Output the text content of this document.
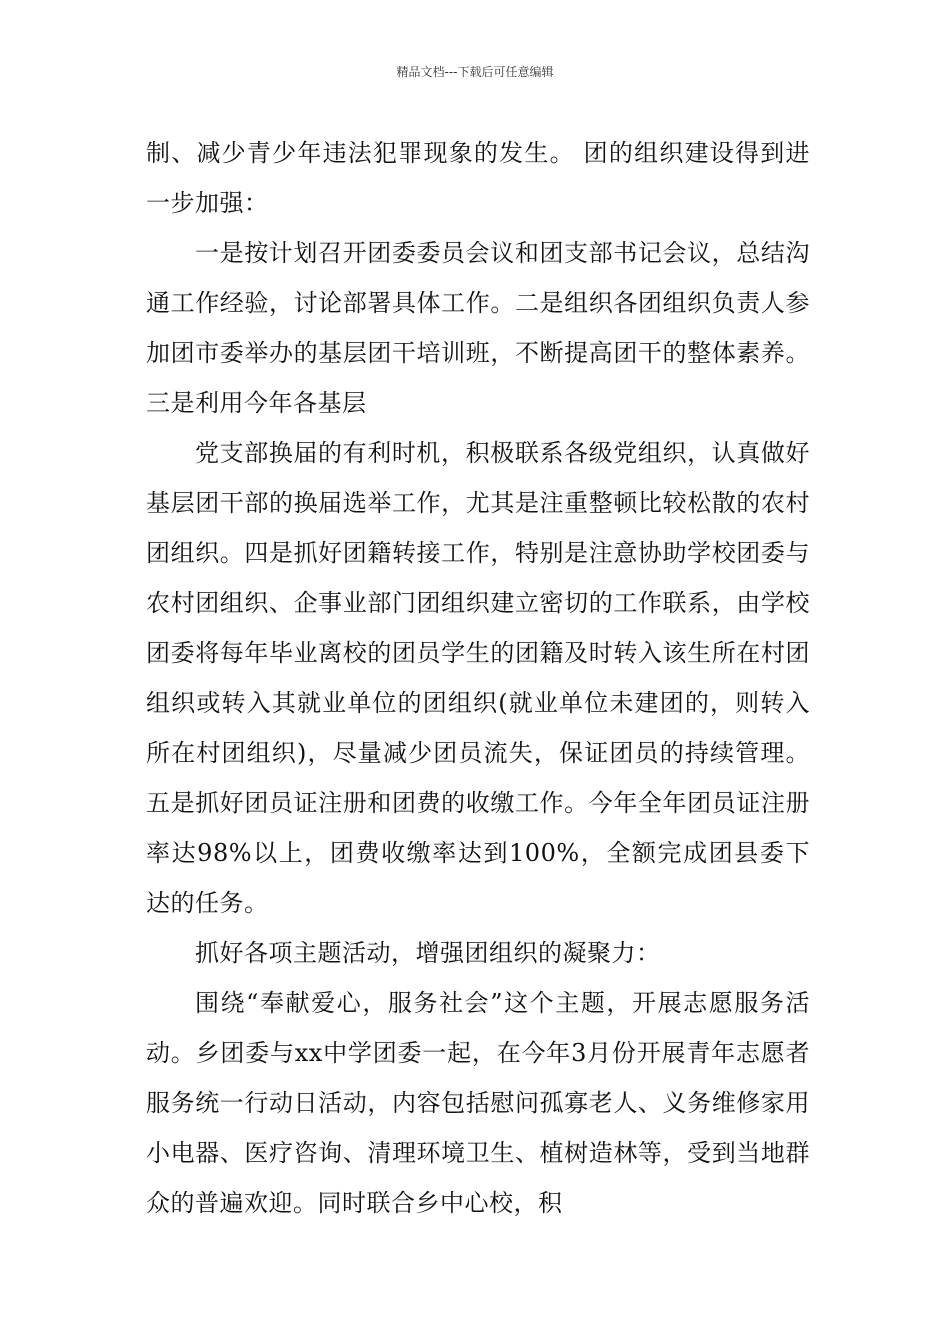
精品文档---下载后可任意编辑

制、减少青少年违法犯罪现象的发生。 团的组织建设得到进一步加强：

一是按计划召开团委委员会议和团支部书记会议，总结沟通工作经验，讨论部署具体工作。二是组织各团组织负责人参加团市委举办的基层团干培训班，不断提高团干的整体素养。三是利用今年各基层

党支部换届的有利时机，积极联系各级党组织，认真做好基层团干部的换届选举工作，尤其是注重整顿比较松散的农村团组织。四是抓好团籍转接工作，特别是注意协助学校团委与农村团组织、企事业部门团组织建立密切的工作联系，由学校团委将每年毕业离校的团员学生的团籍及时转入该生所在村团组织或转入其就业单位的团组织(就业单位未建团的，则转入所在村团组织)，尽量减少团员流失，保证团员的持续管理。五是抓好团员证注册和团费的收缴工作。今年全年团员证注册率达98%以上，团费收缴率达到100%，全额完成团县委下达的任务。

抓好各项主题活动，增强团组织的凝聚力：

围绕“奉献爱心，服务社会”这个主题，开展志愿服务活动。乡团委与xx中学团委一起，在今年3月份开展青年志愿者服务统一行动日活动，内容包括慰问孤寡老人、义务维修家用小电器、医疗咨询、清理环境卫生、植树造林等，受到当地群众的普遍欢迎。同时联合乡中心校，积
